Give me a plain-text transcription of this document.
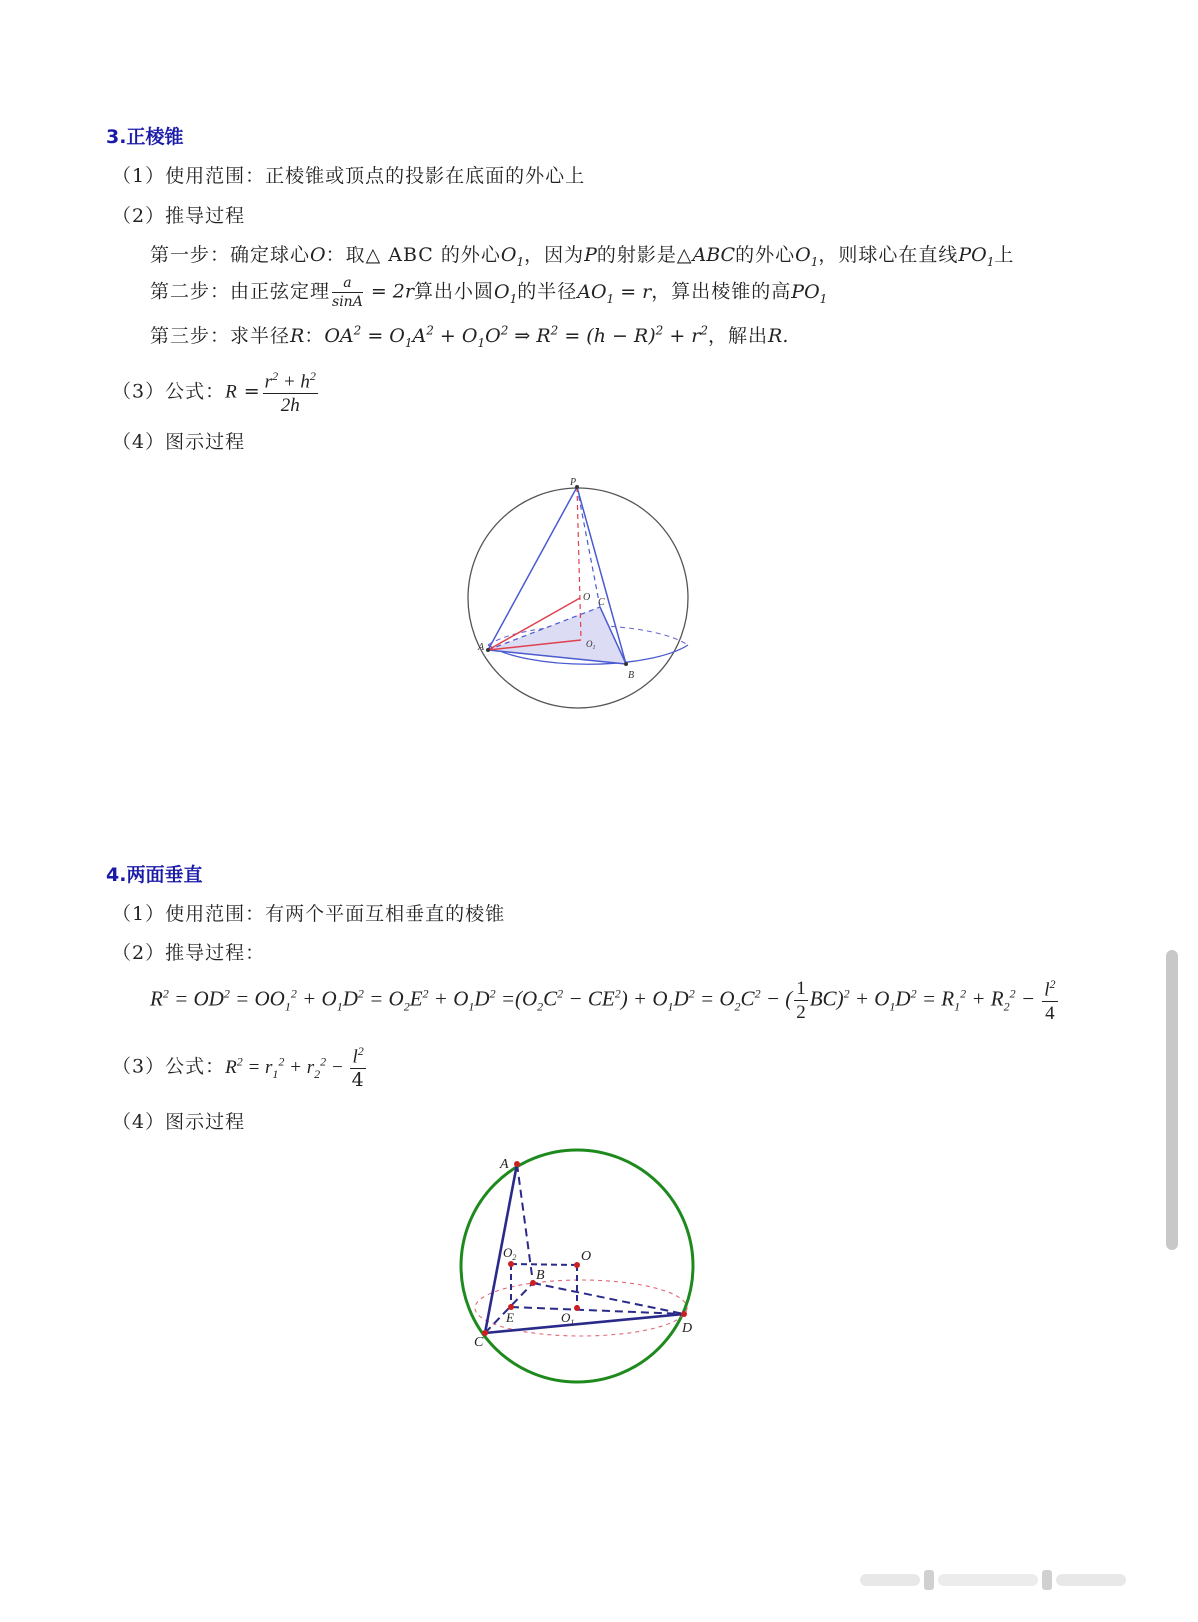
3.正棱锥
（1）使用范围：正棱锥或顶点的投影在底面的外心上
（2）推导过程
第一步：确定球心O：取△ ABC 的外心$O_1$，因为P的射影是△ABC的外心$O_1$，则球心在直线$PO_1$上
第二步：由正弦定理 $\frac{a}{\sin A} = 2r$算出小圆$O_1$的半径$AO_1 = r$，算出棱锥的高$PO_1$
第三步：求半径R：$OA^2 = O_1A^2 + O_1O^2$ ⇒ $R^2 = (h - R)^2 + r^2$，解出R.
（3）公式：$R = \frac{r^2 + h^2}{2h}$
（4）图示过程
P
O C
A	$O_1$
B
4.两面垂直
（1）使用范围：有两个平面互相垂直的棱锥
（2）推导过程：
$R^2 = OD^2 = OO_1^2 + O_1D^2 = O_2E^2 + O_1D^2 =(O_2C^2 - CE^2) + O_1D^2 = O_2C^2$ − ( $\frac{1}{2} BC)^2 + O_1D^2 = R_1^2 + R_2^2 - \frac{l^2}{4}$
（3）公式：$R^2 = r_1^2 + r_2^2 - \frac{l^2}{4}$
（4）图示过程
A
$O_2$	O
B
E	$O_1$
C
D
